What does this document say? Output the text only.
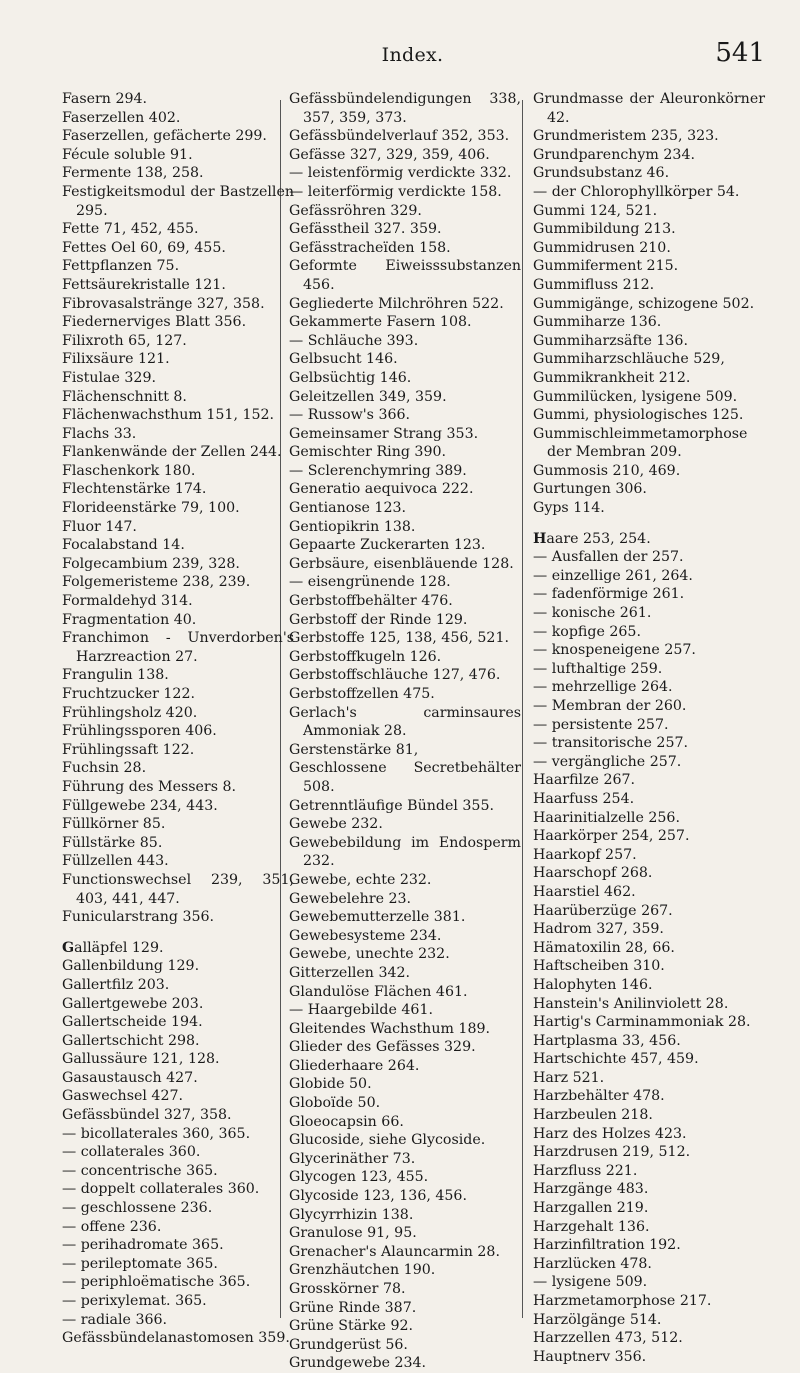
Index.	541
Fasern 294.
Faserzellen 402.
Faserzellen, gefächerte 299.
Fécule soluble 91.
Fermente 138, 258.
Festigkeitsmodul der Bastzellen 295.
Fette 71, 452, 455.
Fettes Oel 60, 69, 455.
Fettpflanzen 75.
Fettsäurekristalle 121.
Fibrovasalstränge 327, 358.
Fiedernerviges Blatt 356.
Filixroth 65, 127.
Filixsäure 121.
Fistulae 329.
Flächenschnitt 8.
Flächenwachsthum 151, 152.
Flachs 33.
Flankenwände der Zellen 244.
Flaschenkork 180.
Flechtenstärke 174.
Florideenstärke 79, 100.
Fluor 147.
Focalabstand 14.
Folgecambium 239, 328.
Folgemeristeme 238, 239.
Formaldehyd 314.
Fragmentation 40.
Franchimon - Unverdorben's Harzreaction 27.
Frangulin 138.
Fruchtzucker 122.
Frühlingsholz 420.
Frühlingssporen 406.
Frühlingssaft 122.
Fuchsin 28.
Führung des Messers 8.
Füllgewebe 234, 443.
Füllkörner 85.
Füllstärke 85.
Füllzellen 443.
Functionswechsel 239, 351, 403, 441, 447.
Funicularstrang 356.
Galläpfel 129.
Gallenbildung 129.
Gallertfilz 203.
Gallertgewebe 203.
Gallertscheide 194.
Gallertschicht 298.
Gallussäure 121, 128.
Gasaustausch 427.
Gaswechsel 427.
Gefässbündel 327, 358.
— bicollaterales 360, 365.
— collaterales 360.
— concentrische 365.
— doppelt collaterales 360.
— geschlossene 236.
— offene 236.
— perihadromate 365.
— perileptomate 365.
— periphloëmatische 365.
— perixylemat. 365.
— radiale 366.
Gefässbündelanastomosen 359.
Gefässbündelendigungen 338, 357, 359, 373.
Gefässbündelverlauf 352, 353.
Gefässe 327, 329, 359, 406.
— leistenförmig verdickte 332.
— leiterförmig verdickte 158.
Gefässröhren 329.
Gefässtheil 327. 359.
Gefässtracheïden 158.
Geformte Eiweisssubstanzen 456.
Gegliederte Milchröhren 522.
Gekammerte Fasern 108.
— Schläuche 393.
Gelbsucht 146.
Gelbsüchtig 146.
Geleitzellen 349, 359.
— Russow's 366.
Gemeinsamer Strang 353.
Gemischter Ring 390.
— Sclerenchymring 389.
Generatio aequivoca 222.
Gentianose 123.
Gentiopikrin 138.
Gepaarte Zuckerarten 123.
Gerbsäure, eisenbläuende 128.
— eisengrünende 128.
Gerbstoffbehälter 476.
Gerbstoff der Rinde 129.
Gerbstoffe 125, 138, 456, 521.
Gerbstoffkugeln 126.
Gerbstoffschläuche 127, 476.
Gerbstoffzellen 475.
Gerlach's carminsaures Ammoniak 28.
Gerstenstärke 81,
Geschlossene Secretbehälter 508.
Getrenntläufige Bündel 355.
Gewebe 232.
Gewebebildung im Endosperm 232.
Gewebe, echte 232.
Gewebelehre 23.
Gewebemutterzelle 381.
Gewebesysteme 234.
Gewebe, unechte 232.
Gitterzellen 342.
Glandulöse Flächen 461.
— Haargebilde 461.
Gleitendes Wachsthum 189.
Glieder des Gefässes 329.
Gliederhaare 264.
Globide 50.
Globoïde 50.
Gloeocapsin 66.
Glucoside, siehe Glycoside.
Glycerinäther 73.
Glycogen 123, 455.
Glycoside 123, 136, 456.
Glycyrrhizin 138.
Granulose 91, 95.
Grenacher's Alauncarmin 28.
Grenzhäutchen 190.
Grosskörner 78.
Grüne Rinde 387.
Grüne Stärke 92.
Grundgerüst 56.
Grundgewebe 234.
Grundmasse der Aleuronkörner 42.
Grundmeristem 235, 323.
Grundparenchym 234.
Grundsubstanz 46.
— der Chlorophyllkörper 54.
Gummi 124, 521.
Gummibildung 213.
Gummidrusen 210.
Gummiferment 215.
Gummifluss 212.
Gummigänge, schizogene 502.
Gummiharze 136.
Gummiharzsäfte 136.
Gummiharzschläuche 529,
Gummikrankheit 212.
Gummilücken, lysigene 509.
Gummi, physiologisches 125.
Gummischleimmetamorphose der Membran 209.
Gummosis 210, 469.
Gurtungen 306.
Gyps 114.
Haare 253, 254.
— Ausfallen der 257.
— einzellige 261, 264.
— fadenförmige 261.
— konische 261.
— kopfige 265.
— knospeneigene 257.
— lufthaltige 259.
— mehrzellige 264.
— Membran der 260.
— persistente 257.
— transitorische 257.
— vergängliche 257.
Haarfilze 267.
Haarfuss 254.
Haarinitialzelle 256.
Haarkörper 254, 257.
Haarkopf 257.
Haarschopf 268.
Haarstiel 462.
Haarüberzüge 267.
Hadrom 327, 359.
Hämatoxilin 28, 66.
Haftscheiben 310.
Halophyten 146.
Hanstein's Anilinviolett 28.
Hartig's Carminammoniak 28.
Hartplasma 33, 456.
Hartschichte 457, 459.
Harz 521.
Harzbehälter 478.
Harzbeulen 218.
Harz des Holzes 423.
Harzdrusen 219, 512.
Harzfluss 221.
Harzgänge 483.
Harzgallen 219.
Harzgehalt 136.
Harzinfiltration 192.
Harzlücken 478.
— lysigene 509.
Harzmetamorphose 217.
Harzölgänge 514.
Harzzellen 473, 512.
Hauptnerv 356.
